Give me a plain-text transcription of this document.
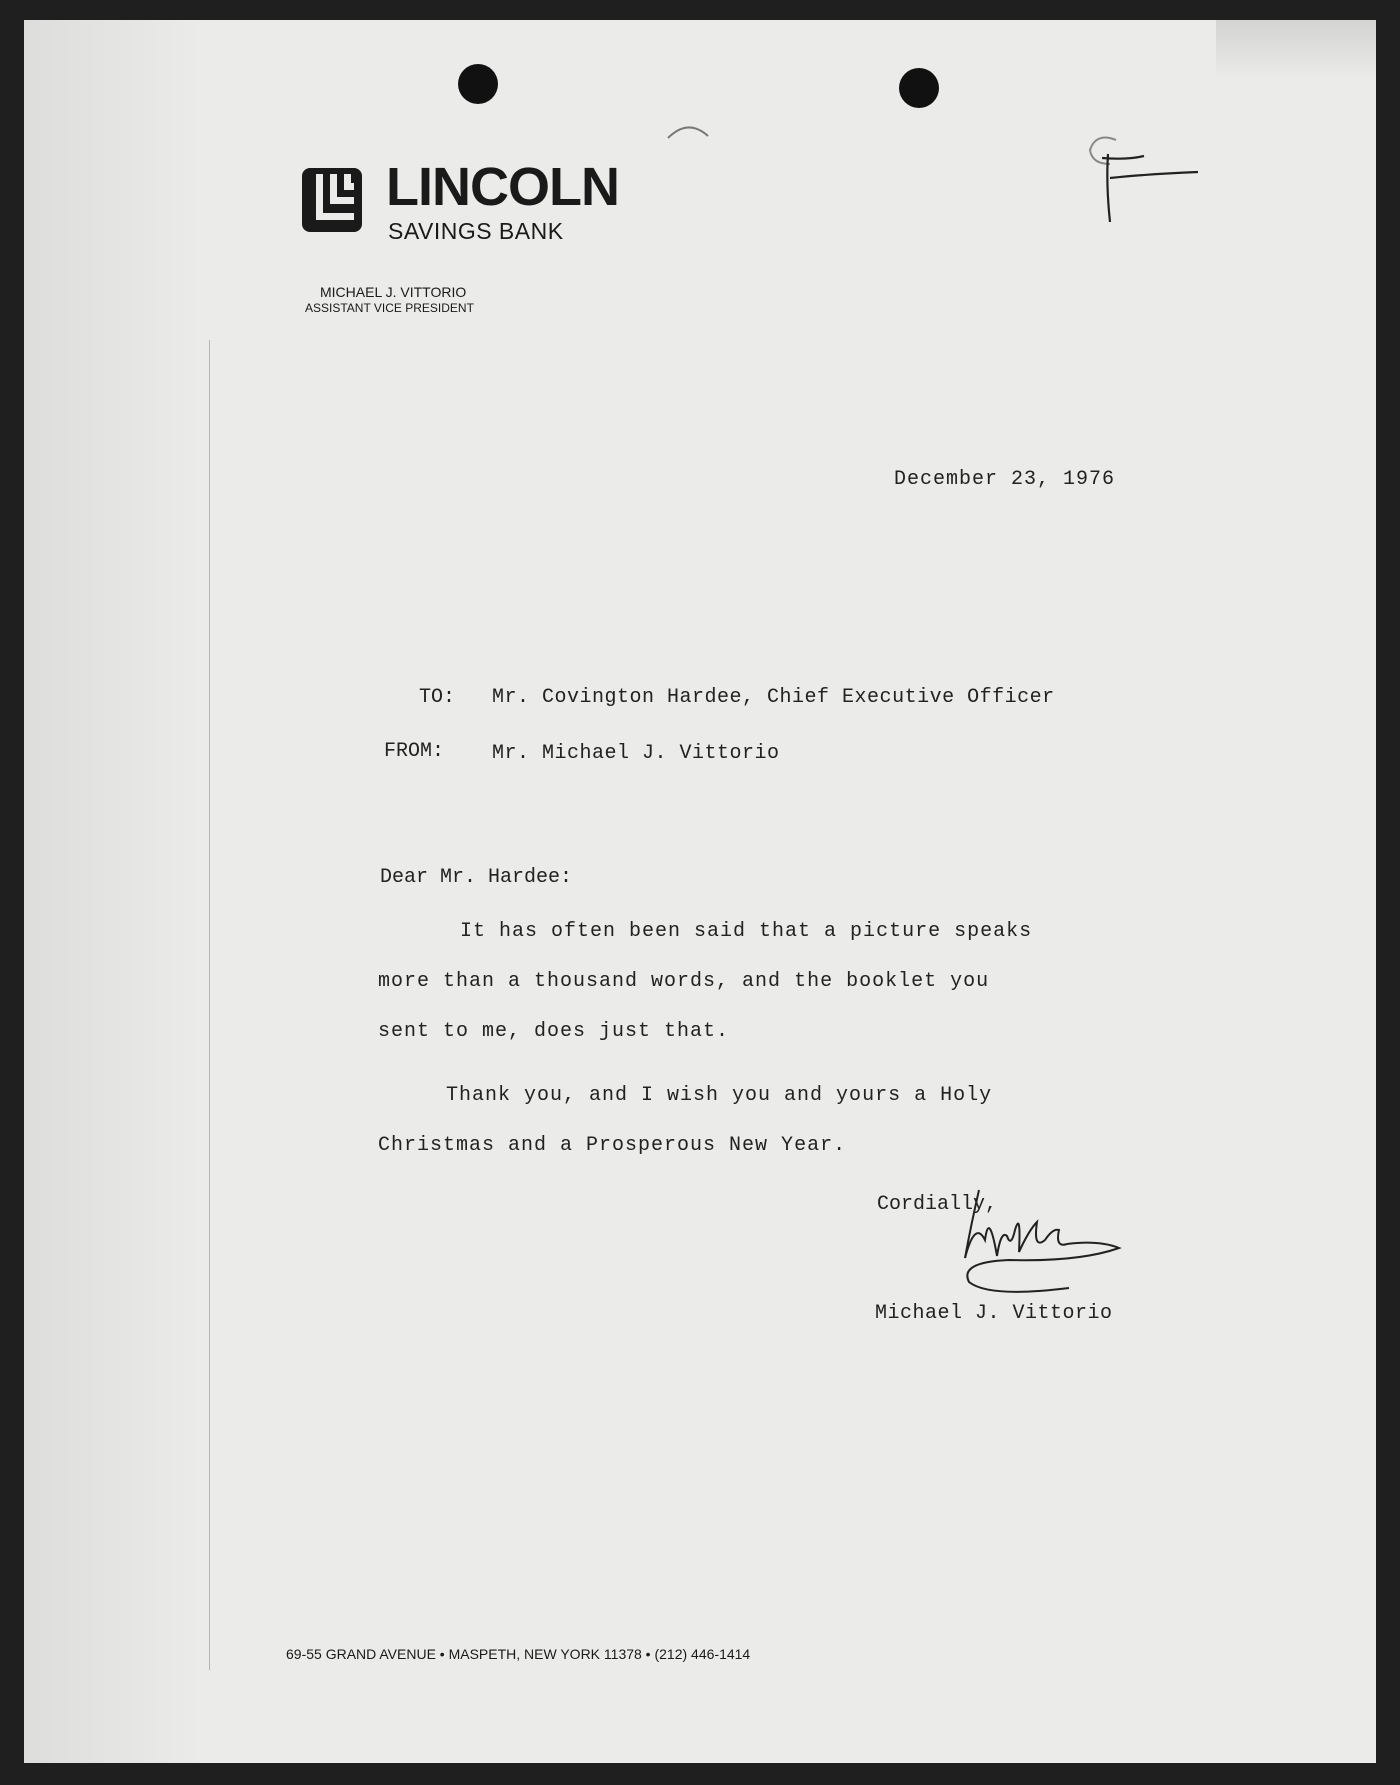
F
LINCOLN
SAVINGS BANK
MICHAEL J. VITTORIO
ASSISTANT VICE PRESIDENT
December 23, 1976
TO: Mr. Covington Hardee, Chief Executive Officer
FROM: Mr. Michael J. Vittorio
Dear Mr. Hardee:
It has often been said that a picture speaks
more than a thousand words, and the booklet you
sent to me, does just that.
Thank you, and I wish you and yours a Holy
Christmas and a Prosperous New Year.
Cordially,
Mike
Michael J. Vittorio
69-55 GRAND AVENUE • MASPETH, NEW YORK 11378 • (212) 446-1414
